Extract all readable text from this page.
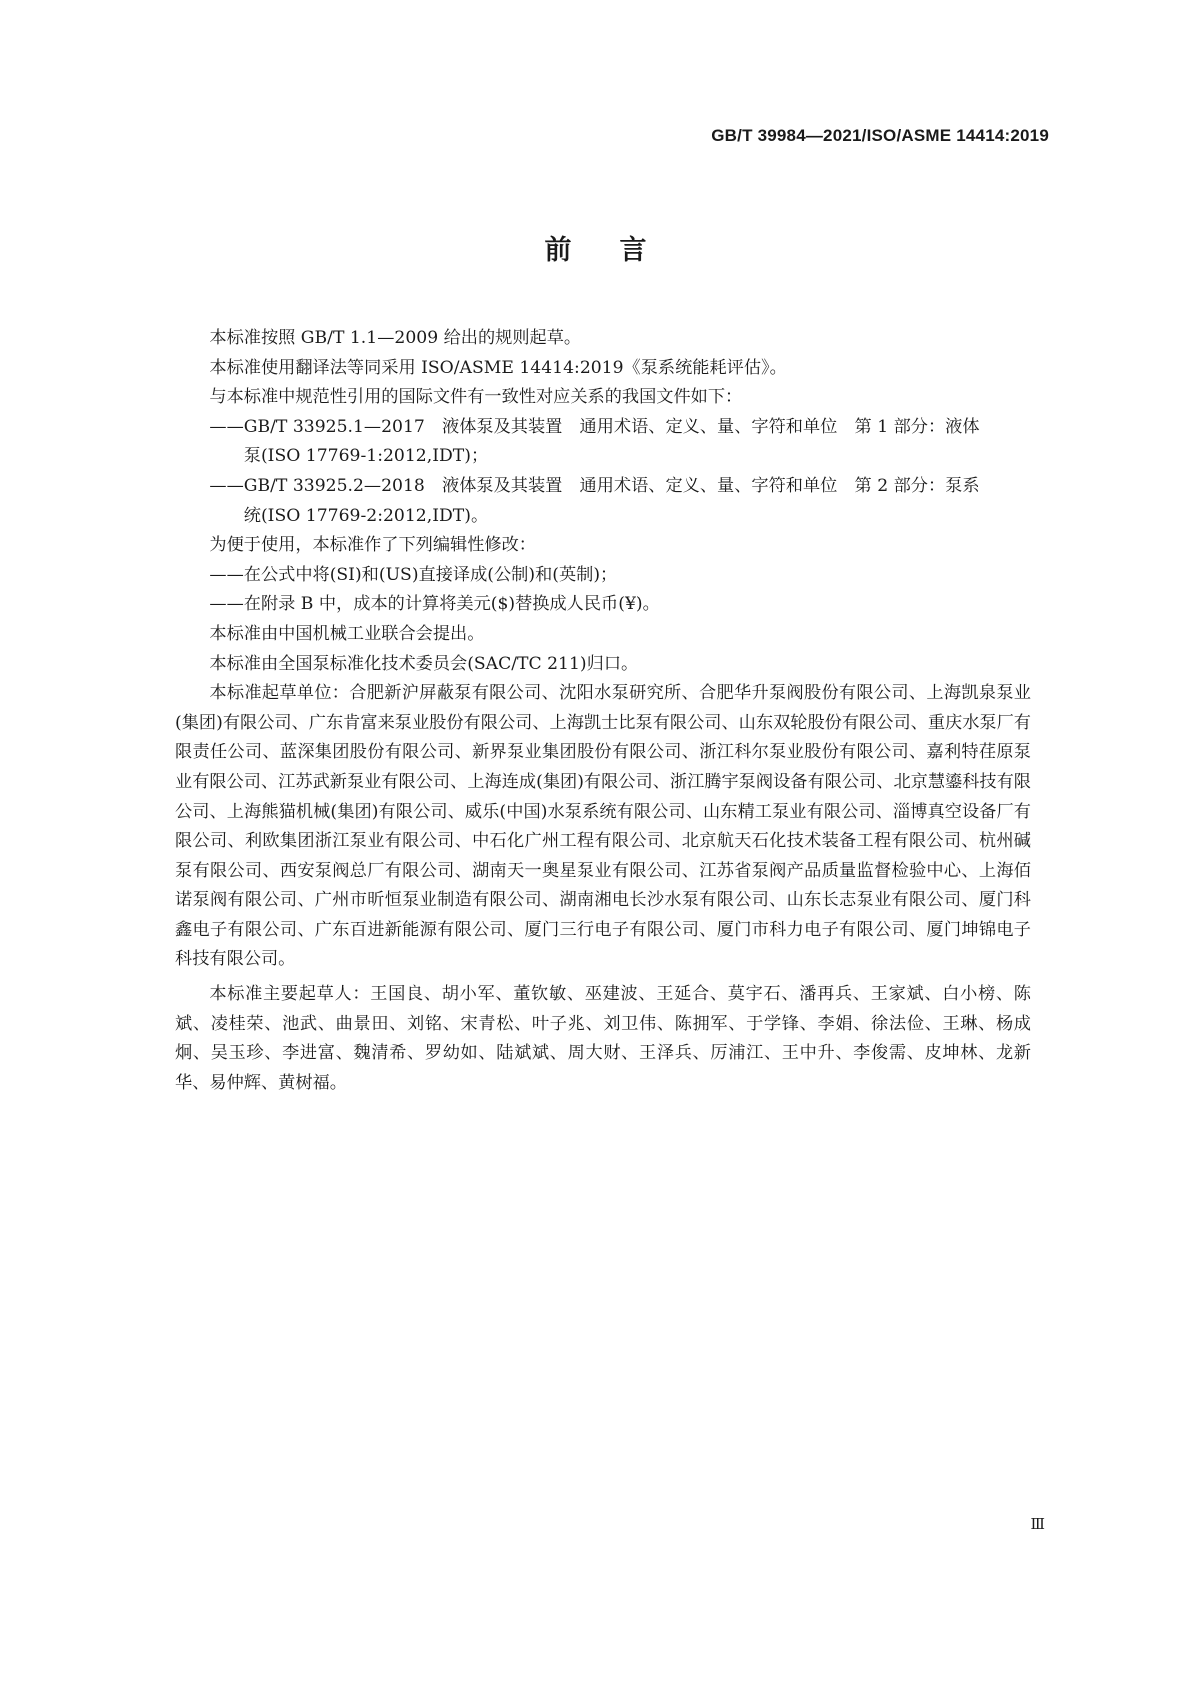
GB/T 39984—2021/ISO/ASME 14414:2019
前言

本标准按照 GB/T 1.1—2009 给出的规则起草。

本标准使用翻译法等同采用 ISO/ASME 14414:2019《泵系统能耗评估》。

与本标准中规范性引用的国际文件有一致性对应关系的我国文件如下：

——GB/T 33925.1—2017　液体泵及其装置　通用术语、定义、量、字符和单位　第 1 部分：液体
泵(ISO 17769-1:2012,IDT)；

——GB/T 33925.2—2018　液体泵及其装置　通用术语、定义、量、字符和单位　第 2 部分：泵系
统(ISO 17769-2:2012,IDT)。

为便于使用，本标准作了下列编辑性修改：

——在公式中将(SI)和(US)直接译成(公制)和(英制)；

——在附录 B 中，成本的计算将美元($)替换成人民币(¥)。

本标准由中国机械工业联合会提出。

本标准由全国泵标准化技术委员会(SAC/TC 211)归口。

本标准起草单位：合肥新沪屏蔽泵有限公司、沈阳水泵研究所、合肥华升泵阀股份有限公司、上海凯泉泵业(集团)有限公司、广东肯富来泵业股份有限公司、上海凯士比泵有限公司、山东双轮股份有限公司、重庆水泵厂有限责任公司、蓝深集团股份有限公司、新界泵业集团股份有限公司、浙江科尔泵业股份有限公司、嘉利特荏原泵业有限公司、江苏武新泵业有限公司、上海连成(集团)有限公司、浙江腾宇泵阀设备有限公司、北京慧鎏科技有限公司、上海熊猫机械(集团)有限公司、威乐(中国)水泵系统有限公司、山东精工泵业有限公司、淄博真空设备厂有限公司、利欧集团浙江泵业有限公司、中石化广州工程有限公司、北京航天石化技术装备工程有限公司、杭州碱泵有限公司、西安泵阀总厂有限公司、湖南天一奥星泵业有限公司、江苏省泵阀产品质量监督检验中心、上海佰诺泵阀有限公司、广州市昕恒泵业制造有限公司、湖南湘电长沙水泵有限公司、山东长志泵业有限公司、厦门科鑫电子有限公司、广东百进新能源有限公司、厦门三行电子有限公司、厦门市科力电子有限公司、厦门坤锦电子科技有限公司。

本标准主要起草人：王国良、胡小军、董钦敏、巫建波、王延合、莫宇石、潘再兵、王家斌、白小榜、陈斌、凌桂荣、池武、曲景田、刘铭、宋青松、叶子兆、刘卫伟、陈拥军、于学锋、李娟、徐法俭、王琳、杨成炯、吴玉珍、李进富、魏清希、罗幼如、陆斌斌、周大财、王泽兵、厉浦江、王中升、李俊需、皮坤林、龙新华、易仲辉、黄树福。

Ⅲ
